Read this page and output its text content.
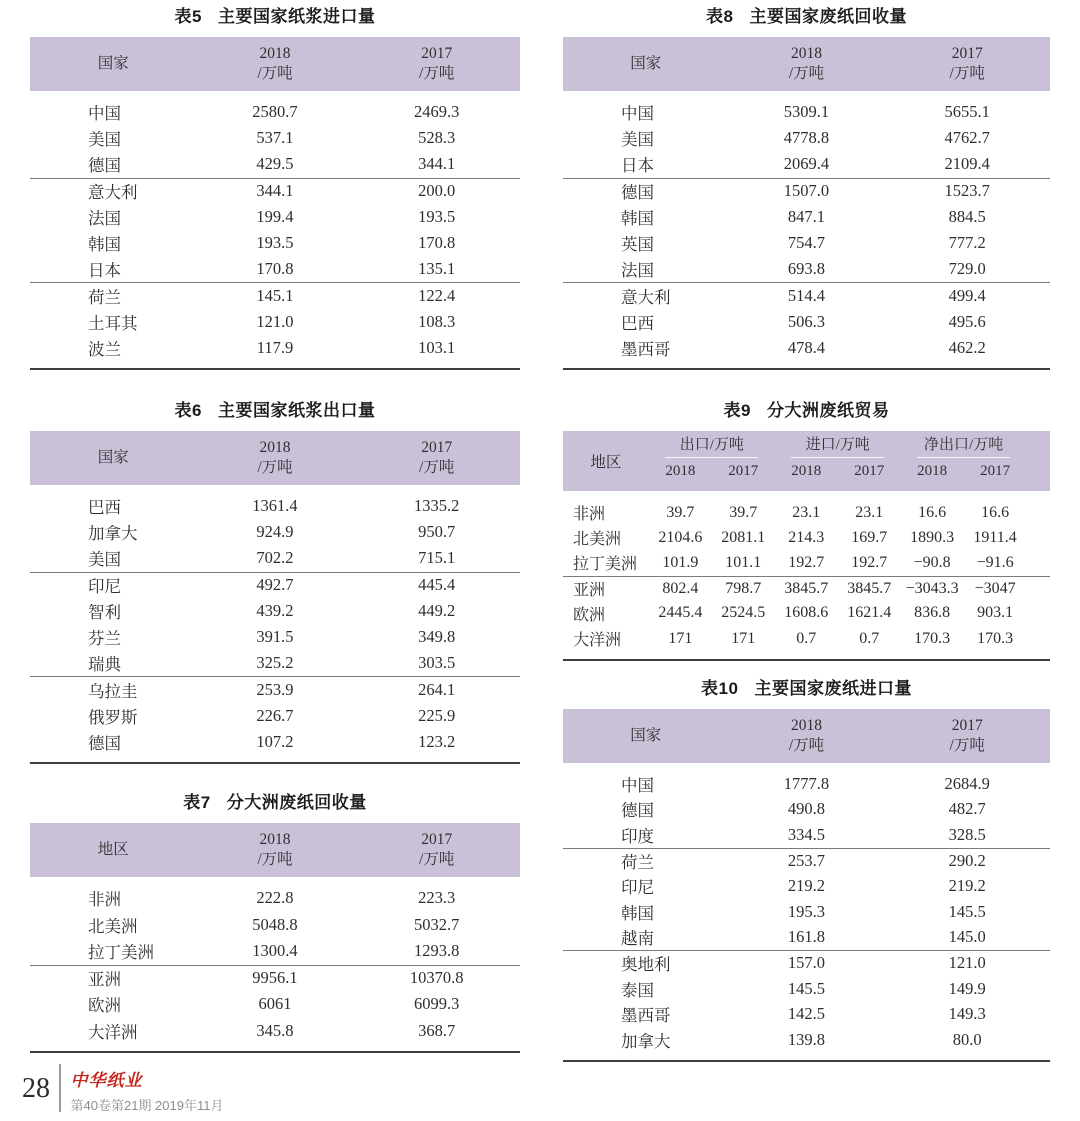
表5 主要国家纸浆进口量
国家
2018
/万吨
2017
/万吨
中国	2580.7	2469.3
美国	537.1	528.3
德国	429.5	344.1
意大利	344.1	200.0
法国	199.4	193.5
韩国	193.5	170.8
日本	170.8	135.1
荷兰	145.1	122.4
土耳其	121.0	108.3
波兰	117.9	103.1
表8 主要国家废纸回收量
国家
2018
/万吨
2017
/万吨
中国	5309.1	5655.1
美国	4778.8	4762.7
日本	2069.4	2109.4
德国	1507.0	1523.7
韩国	847.1	884.5
英国	754.7	777.2
法国	693.8	729.0
意大利	514.4	499.4
巴西	506.3	495.6
墨西哥	478.4	462.2
表6 主要国家纸浆出口量
国家
2018
/万吨
2017
/万吨
巴西	1361.4	1335.2
加拿大	924.9	950.7
美国	702.2	715.1
印尼	492.7	445.4
智利	439.2	449.2
芬兰	391.5	349.8
瑞典	325.2	303.5
乌拉圭	253.9	264.1
俄罗斯	226.7	225.9
德国	107.2	123.2
表9 分大洲废纸贸易
地区
出口/万吨	进口/万吨	净出口/万吨
2018	2017	2018	2017	2018	2017
非洲	39.7	39.7	23.1	23.1	16.6	16.6
北美洲	2104.6	2081.1	214.3	169.7	1890.3	1911.4
拉丁美洲	101.9	101.1	192.7	192.7	−90.8	−91.6
亚洲	802.4	798.7	3845.7	3845.7 −3043.3 −3047
欧洲	2445.4	2524.5	1608.6	1621.4	836.8	903.1
大洋洲	171	171	0.7	0.7	170.3	170.3
表7 分大洲废纸回收量
地区
2018
/万吨
2017
/万吨
非洲	222.8	223.3
北美洲	5048.8	5032.7
拉丁美洲	1300.4	1293.8
亚洲	9956.1	10370.8
欧洲	6061	6099.3
大洋洲	345.8	368.7
表10 主要国家废纸进口量
国家
2018
/万吨
2017
/万吨
中国	1777.8	2684.9
德国	490.8	482.7
印度	334.5	328.5
荷兰	253.7	290.2
印尼	219.2	219.2
韩国	195.3	145.5
越南	161.8	145.0
奥地利	157.0	121.0
泰国	145.5	149.9
墨西哥	142.5	149.3
加拿大	139.8	80.0
28 中华纸业
第40卷第21期 2019年11月
